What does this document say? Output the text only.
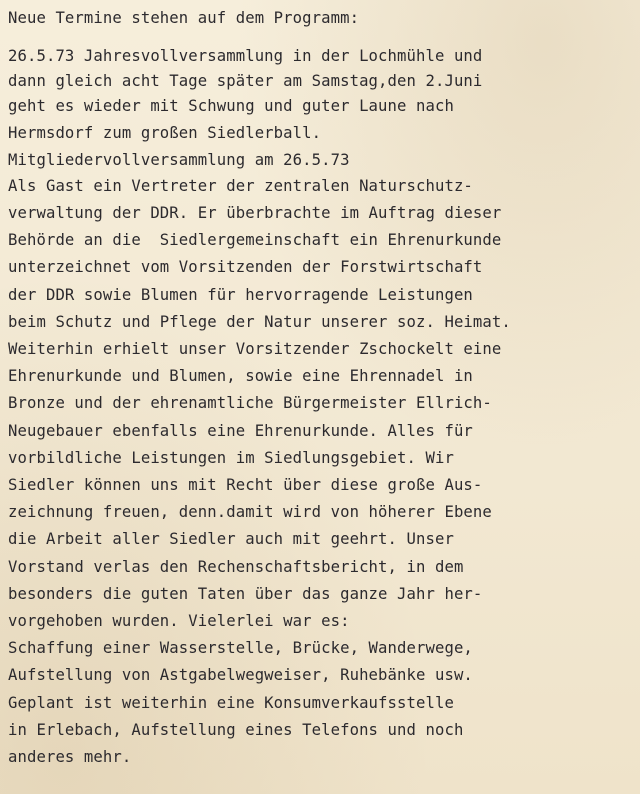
Neue Termine stehen auf dem Programm:

26.5.73 Jahresvollversammlung in der Lochmühle und

dann gleich acht Tage später am Samstag,den 2.Juni

geht es wieder mit Schwung und guter Laune nach

Hermsdorf zum großen Siedlerball.

Mitgliedervollversammlung am 26.5.73

Als Gast ein Vertreter der zentralen Naturschutz-

verwaltung der DDR. Er überbrachte im Auftrag dieser

Behörde an die  Siedlergemeinschaft ein Ehrenurkunde

unterzeichnet vom Vorsitzenden der Forstwirtschaft

der DDR sowie Blumen für hervorragende Leistungen

beim Schutz und Pflege der Natur unserer soz. Heimat.

Weiterhin erhielt unser Vorsitzender Zschockelt eine

Ehrenurkunde und Blumen, sowie eine Ehrennadel in

Bronze und der ehrenamtliche Bürgermeister Ellrich-

Neugebauer ebenfalls eine Ehrenurkunde. Alles für

vorbildliche Leistungen im Siedlungsgebiet. Wir

Siedler können uns mit Recht über diese große Aus-

zeichnung freuen, denn.damit wird von höherer Ebene

die Arbeit aller Siedler auch mit geehrt. Unser

Vorstand verlas den Rechenschaftsbericht, in dem

besonders die guten Taten über das ganze Jahr her-

vorgehoben wurden. Vielerlei war es:

Schaffung einer Wasserstelle, Brücke, Wanderwege,

Aufstellung von Astgabelwegweiser, Ruhebänke usw.

Geplant ist weiterhin eine Konsumverkaufsstelle

in Erlebach, Aufstellung eines Telefons und noch

anderes mehr.
